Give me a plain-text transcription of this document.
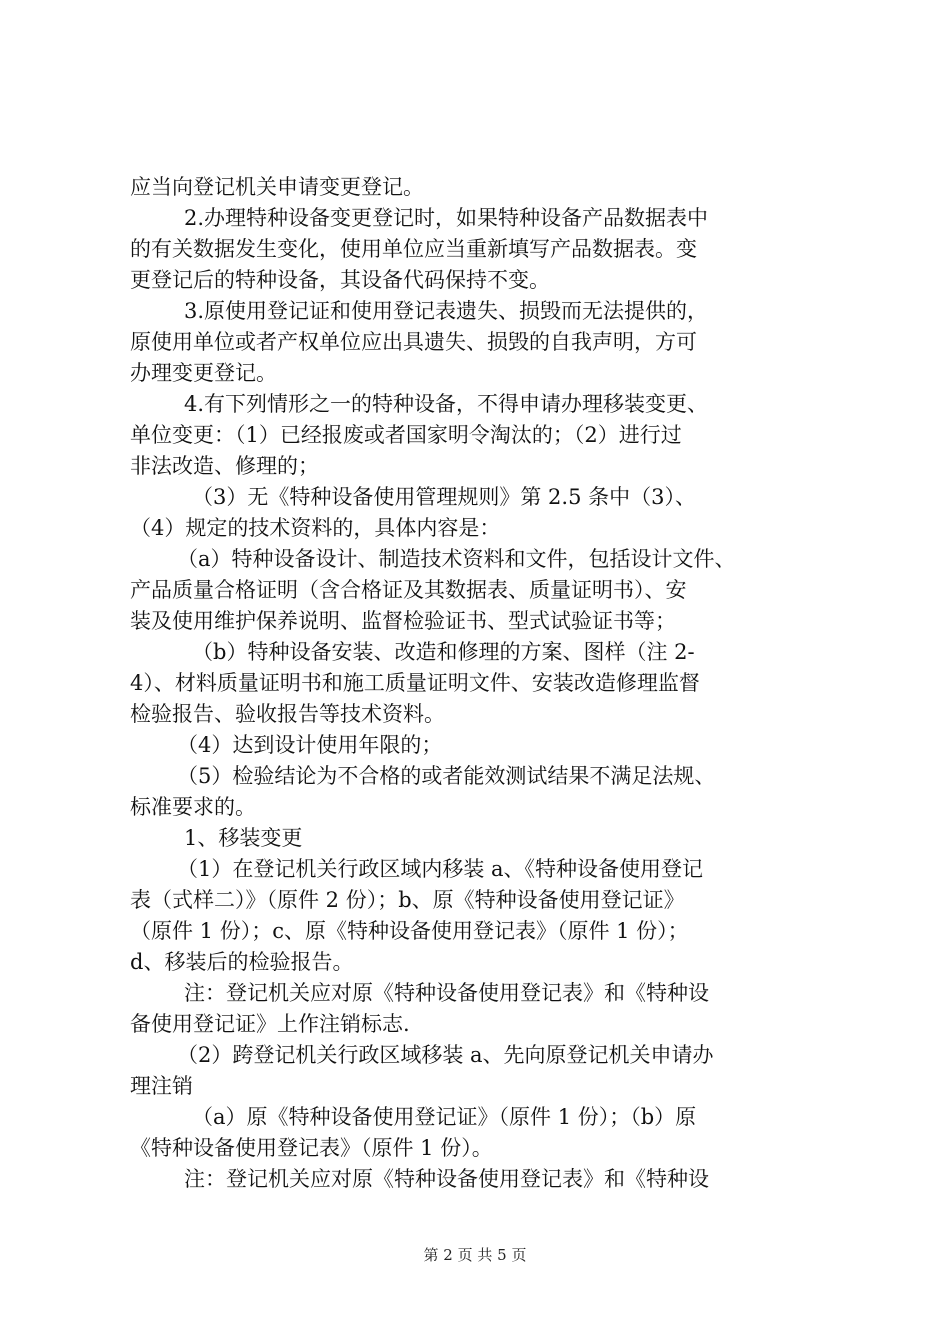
应当向登记机关申请变更登记。
2.办理特种设备变更登记时，如果特种设备产品数据表中
的有关数据发生变化，使用单位应当重新填写产品数据表。变
更登记后的特种设备，其设备代码保持不变。
3.原使用登记证和使用登记表遗失、损毁而无法提供的，
原使用单位或者产权单位应出具遗失、损毁的自我声明，方可
办理变更登记。
4.有下列情形之一的特种设备，不得申请办理移装变更、
单位变更：（1）已经报废或者国家明令淘汰的；（2）进行过
非法改造、修理的；
（3）无《特种设备使用管理规则》第 2.5 条中（3）、
（4）规定的技术资料的，具体内容是：
（a）特种设备设计、制造技术资料和文件，包括设计文件、
产品质量合格证明（含合格证及其数据表、质量证明书）、安
装及使用维护保养说明、监督检验证书、型式试验证书等；
（b）特种设备安装、改造和修理的方案、图样（注 2-
4）、材料质量证明书和施工质量证明文件、安装改造修理监督
检验报告、验收报告等技术资料。
（4）达到设计使用年限的；
（5）检验结论为不合格的或者能效测试结果不满足法规、
标准要求的。
1、移装变更
（1）在登记机关行政区域内移装 a、《特种设备使用登记
表（式样二）》（原件 2 份）；b、原《特种设备使用登记证》
（原件 1 份）；c、原《特种设备使用登记表》（原件 1 份）；
d、移装后的检验报告。
注：登记机关应对原《特种设备使用登记表》和《特种设
备使用登记证》上作注销标志.
（2）跨登记机关行政区域移装 a、先向原登记机关申请办
理注销
（a）原《特种设备使用登记证》（原件 1 份）；（b）原
《特种设备使用登记表》（原件 1 份）。
注：登记机关应对原《特种设备使用登记表》和《特种设
第 2 页 共 5 页
